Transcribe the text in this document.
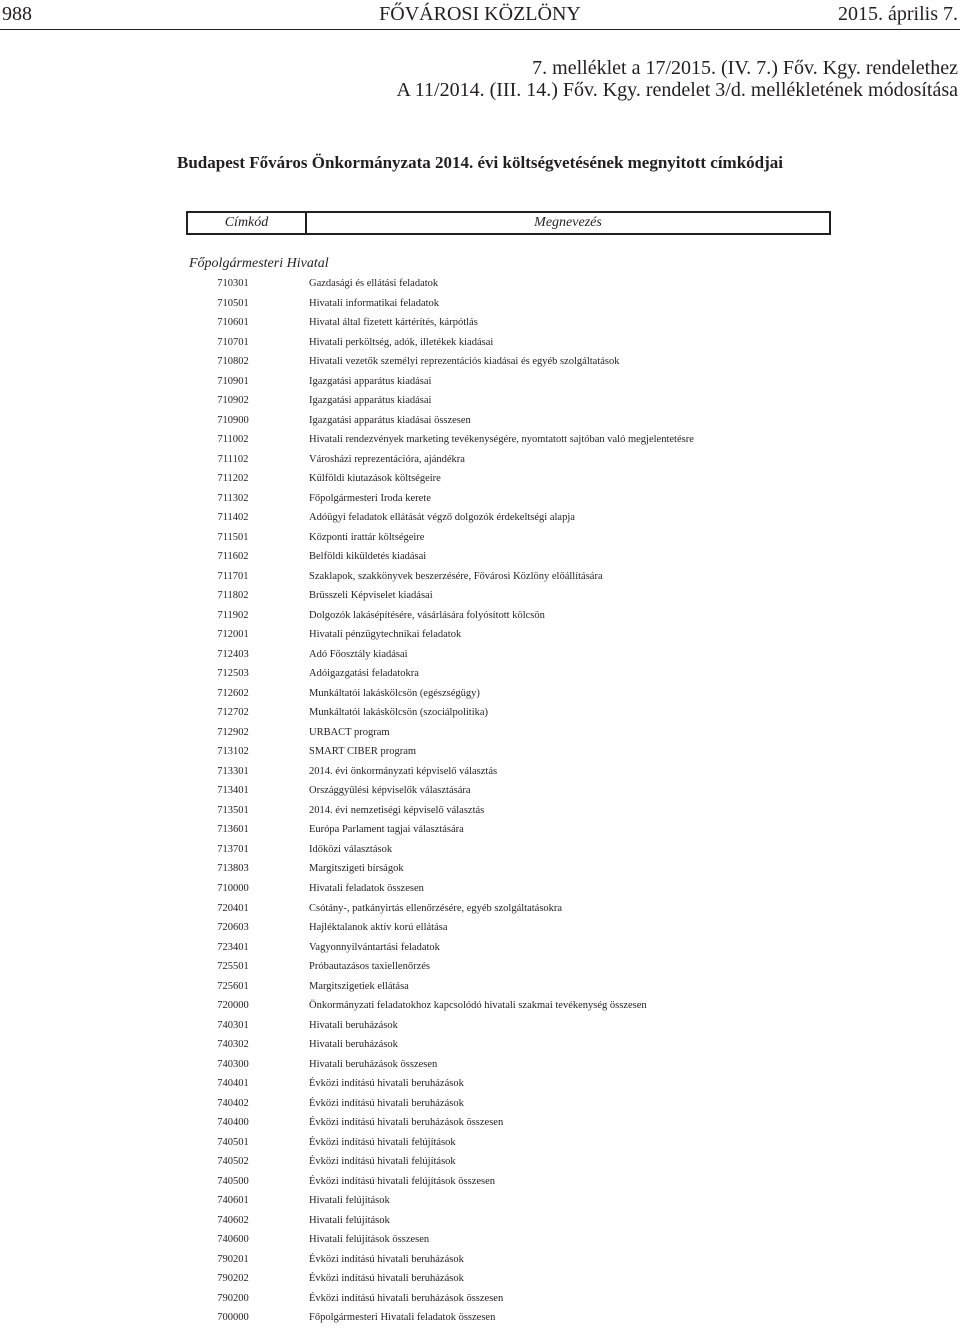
FŐVÁROSI KÖZLÖNY
988	2015. április 7.
7. melléklet a 17/2015. (IV. 7.) Főv. Kgy. rendelethez
A 11/2014. (III. 14.) Főv. Kgy. rendelet 3/d. mellékletének módosítása
Budapest Főváros Önkormányzata 2014. évi költségvetésének megnyitott címkódjai
Címkód	Megnevezés
Főpolgármesteri Hivatal
710301	Gazdasági és ellátási feladatok
710501	Hivatali informatikai feladatok
710601	Hivatal által fizetett kártérítés, kárpótlás
710701	Hivatali perköltség, adók, illetékek kiadásai
710802	Hivatali vezetők személyi reprezentációs kiadásai és egyéb szolgáltatások
710901	Igazgatási apparátus kiadásai
710902	Igazgatási apparátus kiadásai
710900	Igazgatási apparátus kiadásai összesen
711002	Hivatali rendezvények marketing tevékenységére, nyomtatott sajtóban való megjelentetésre
711102	Városházi reprezentációra, ajándékra
711202	Külföldi kiutazások költségeire
711302	Főpolgármesteri Iroda kerete
711402	Adóügyi feladatok ellátását végző dolgozók érdekeltségi alapja
711501	Központi irattár költségeire
711602	Belföldi kiküldetés kiadásai
711701	Szaklapok, szakkönyvek beszerzésére, Fővárosi Közlöny előállítására
711802	Brüsszeli Képviselet kiadásai
711902	Dolgozók lakásépítésére, vásárlására folyósított kölcsön
712001	Hivatali pénzügytechnikai feladatok
712403	Adó Főosztály kiadásai
712503	Adóigazgatási feladatokra
712602	Munkáltatói lakáskölcsön (egészségügy)
712702	Munkáltatói lakáskölcsön (szociálpolitika)
712902	URBACT program
713102	SMART CIBER program
713301	2014. évi önkormányzati képviselő választás
713401	Országgyűlési képviselők választására
713501	2014. évi nemzetiségi képviselő választás
713601	Európa Parlament tagjai választására
713701	Időközi választások
713803	Margitszigeti bírságok
710000	Hivatali feladatok összesen
720401	Csótány-, patkányirtás ellenőrzésére, egyéb szolgáltatásokra
720603	Hajléktalanok aktív korú ellátása
723401	Vagyonnyilvántartási feladatok
725501	Próbautazásos taxiellenőrzés
725601	Margitszigetiek ellátása
720000	Önkormányzati feladatokhoz kapcsolódó hivatali szakmai tevékenység összesen
740301	Hivatali beruházások
740302	Hivatali beruházások
740300	Hivatali beruházások összesen
740401	Évközi indítású hivatali beruházások
740402	Évközi indítású hivatali beruházások
740400	Évközi indítású hivatali beruházások összesen
740501	Évközi indítású hivatali felújítások
740502	Évközi indítású hivatali felújítások
740500	Évközi indítású hivatali felújítások összesen
740601	Hivatali felújítások
740602	Hivatali felújítások
740600	Hivatali felújítások összesen
790201	Évközi indítású hivatali beruházások
790202	Évközi indítású hivatali beruházások
790200	Évközi indítású hivatali beruházások összesen
700000	Főpolgármesteri Hivatali feladatok összesen
